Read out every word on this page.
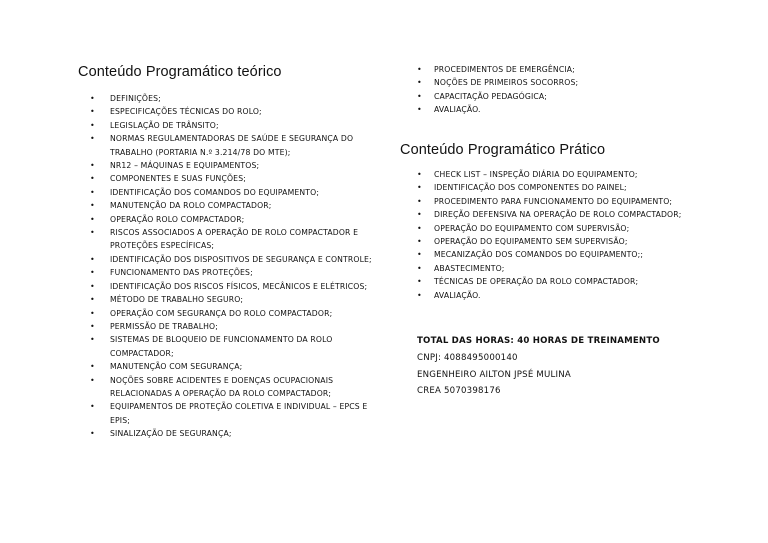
Conteúdo Programático teórico
• DEFINIÇÕES;
• ESPECIFICAÇÕES TÉCNICAS DO ROLO;
• LEGISLAÇÃO DE TRÂNSITO;
• NORMAS REGULAMENTADORAS DE SAÚDE E SEGURANÇA DO TRABALHO (PORTARIA N.º 3.214/78 DO MTE);
• NR12 – MÁQUINAS E EQUIPAMENTOS;
• COMPONENTES E SUAS FUNÇÕES;
• IDENTIFICAÇÃO DOS COMANDOS DO EQUIPAMENTO;
• MANUTENÇÃO DA ROLO COMPACTADOR;
• OPERAÇÃO ROLO COMPACTADOR;
• RISCOS ASSOCIADOS A OPERAÇÃO DE ROLO COMPACTADOR E PROTEÇÕES ESPECÍFICAS;
• IDENTIFICAÇÃO DOS DISPOSITIVOS DE SEGURANÇA E CONTROLE;
• FUNCIONAMENTO DAS PROTEÇÕES;
• IDENTIFICAÇÃO DOS RISCOS FÍSICOS, MECÂNICOS E ELÉTRICOS;
• MÉTODO DE TRABALHO SEGURO;
• OPERAÇÃO COM SEGURANÇA DO ROLO COMPACTADOR;
• PERMISSÃO DE TRABALHO;
• SISTEMAS DE BLOQUEIO DE FUNCIONAMENTO DA ROLO COMPACTADOR;
• MANUTENÇÃO COM SEGURANÇA;
• NOÇÕES SOBRE ACIDENTES E DOENÇAS OCUPACIONAIS RELACIONADAS A OPERAÇÃO DA ROLO COMPACTADOR;
• EQUIPAMENTOS DE PROTEÇÃO COLETIVA E INDIVIDUAL – EPCS E EPIS;
• SINALIZAÇÃO DE SEGURANÇA;
• PROCEDIMENTOS DE EMERGÊNCIA;
• NOÇÕES DE PRIMEIROS SOCORROS;
• CAPACITAÇÃO PEDAGÓGICA;
• AVALIAÇÃO.
Conteúdo Programático Prático
• CHECK LIST – INSPEÇÃO DIÁRIA DO EQUIPAMENTO;
• IDENTIFICAÇÃO DOS COMPONENTES DO PAINEL;
• PROCEDIMENTO PARA FUNCIONAMENTO DO EQUIPAMENTO;
• DIREÇÃO DEFENSIVA NA OPERAÇÃO DE ROLO COMPACTADOR;
• OPERAÇÃO DO EQUIPAMENTO COM SUPERVISÃO;
• OPERAÇÃO DO EQUIPAMENTO SEM SUPERVISÃO;
• MECANIZAÇÃO DOS COMANDOS DO EQUIPAMENTO;;
• ABASTECIMENTO;
• TÉCNICAS DE OPERAÇÃO DA ROLO COMPACTADOR;
• AVALIAÇÃO.
TOTAL DAS HORAS: 40 HORAS DE TREINAMENTO
CNPJ: 4088495000140
ENGENHEIRO AILTON JPSÉ MULINA
CREA 5070398176
